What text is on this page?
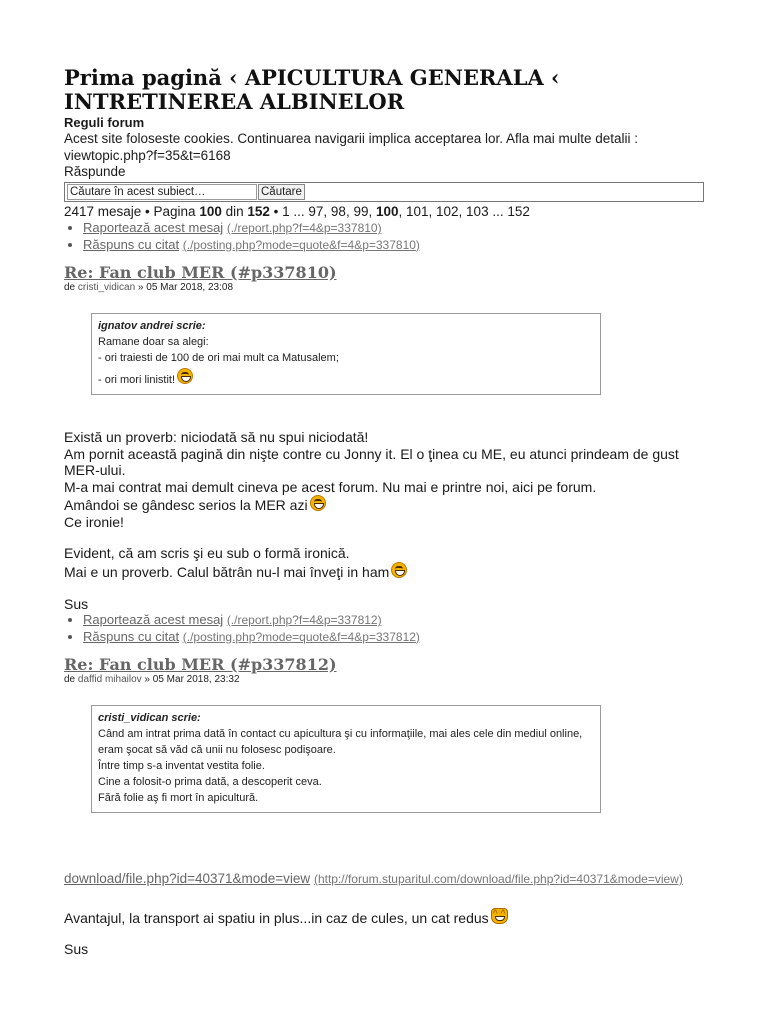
Prima pagină ‹ APICULTURA GENERALA ‹ INTRETINEREA ALBINELOR
Reguli forum
Acest site foloseste cookies. Continuarea navigarii implica acceptarea lor. Afla mai multe detalii : viewtopic.php?f=35&t=6168
Răspunde
Căutare în acest subiect…	Căutare
2417 mesaje • Pagina 100 din 152 • 1 ... 97, 98, 99, 100, 101, 102, 103 ... 152
• Raportează acest mesaj (./report.php?f=4&p=337810)
• Răspuns cu citat (./posting.php?mode=quote&f=4&p=337810)
Re: Fan club MER (#p337810)
de cristi_vidican » 05 Mar 2018, 23:08
ignatov andrei scrie:
Ramane doar sa alegi:
- ori traiesti de 100 de ori mai mult ca Matusalem;
- ori mori linistit!
Există un proverb: niciodată să nu spui niciodată!
Am pornit această pagină din nişte contre cu Jonny it. El o ţinea cu ME, eu atunci prindeam de gust MER-ului.
M-a mai contrat mai demult cineva pe acest forum. Nu mai e printre noi, aici pe forum.
Amândoi se gândesc serios la MER azi
Ce ironie!
Evident, că am scris şi eu sub o formă ironică.
Mai e un proverb. Calul bătrân nu-l mai înveţi in ham
Sus
• Raportează acest mesaj (./report.php?f=4&p=337812)
• Răspuns cu citat (./posting.php?mode=quote&f=4&p=337812)
Re: Fan club MER (#p337812)
de daffid mihailov » 05 Mar 2018, 23:32
cristi_vidican scrie:
Când am intrat prima dată în contact cu apicultura şi cu informaţiile, mai ales cele din mediul online, eram şocat să văd că unii nu folosesc podişoare.
Între timp s-a inventat vestita folie.
Cine a folosit-o prima dată, a descoperit ceva.
Fără folie aş fi mort în apicultură.
download/file.php?id=40371&mode=view (http://forum.stuparitul.com/download/file.php?id=40371&mode=view)
Avantajul, la transport ai spatiu in plus...in caz de cules, un cat redus^ ^
Sus
